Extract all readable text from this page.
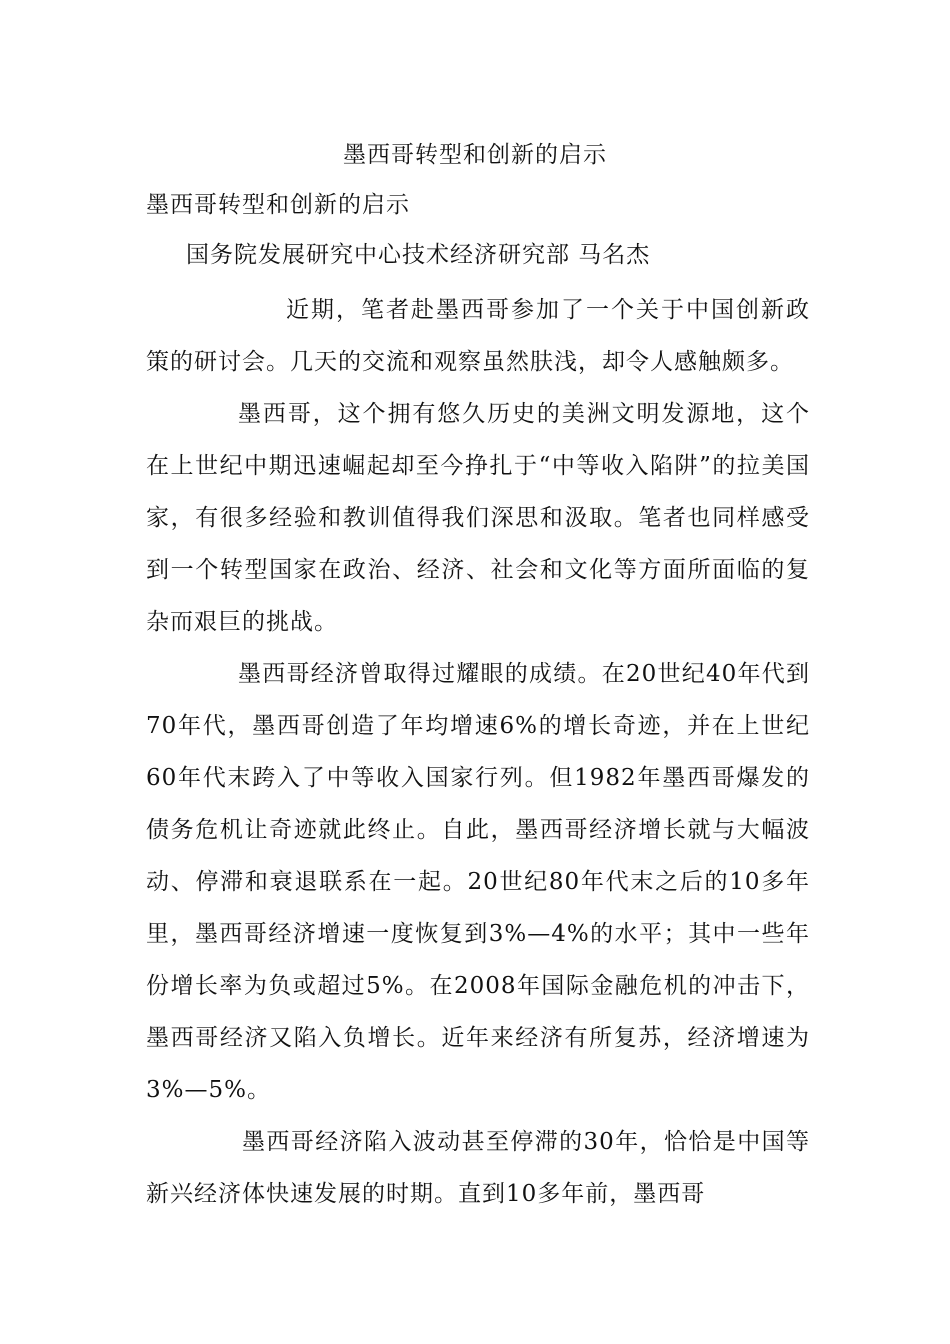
墨西哥转型和创新的启示
墨西哥转型和创新的启示
国务院发展研究中心技术经济研究部 马名杰

近期，笔者赴墨西哥参加了一个关于中国创新政策的研讨会。几天的交流和观察虽然肤浅，却令人感触颇多。

墨西哥，这个拥有悠久历史的美洲文明发源地，这个在上世纪中期迅速崛起却至今挣扎于“中等收入陷阱”的拉美国家，有很多经验和教训值得我们深思和汲取。笔者也同样感受到一个转型国家在政治、经济、社会和文化等方面所面临的复杂而艰巨的挑战。

墨西哥经济曾取得过耀眼的成绩。在20世纪40年代到70年代，墨西哥创造了年均增速6%的增长奇迹，并在上世纪60年代末跨入了中等收入国家行列。但1982年墨西哥爆发的债务危机让奇迹就此终止。自此，墨西哥经济增长就与大幅波动、停滞和衰退联系在一起。20世纪80年代末之后的10多年里，墨西哥经济增速一度恢复到3%—4%的水平；其中一些年份增长率为负或超过5%。在2008年国际金融危机的冲击下，墨西哥经济又陷入负增长。近年来经济有所复苏，经济增速为3%—5%。

墨西哥经济陷入波动甚至停滞的30年，恰恰是中国等新兴经济体快速发展的时期。直到10多年前，墨西哥
